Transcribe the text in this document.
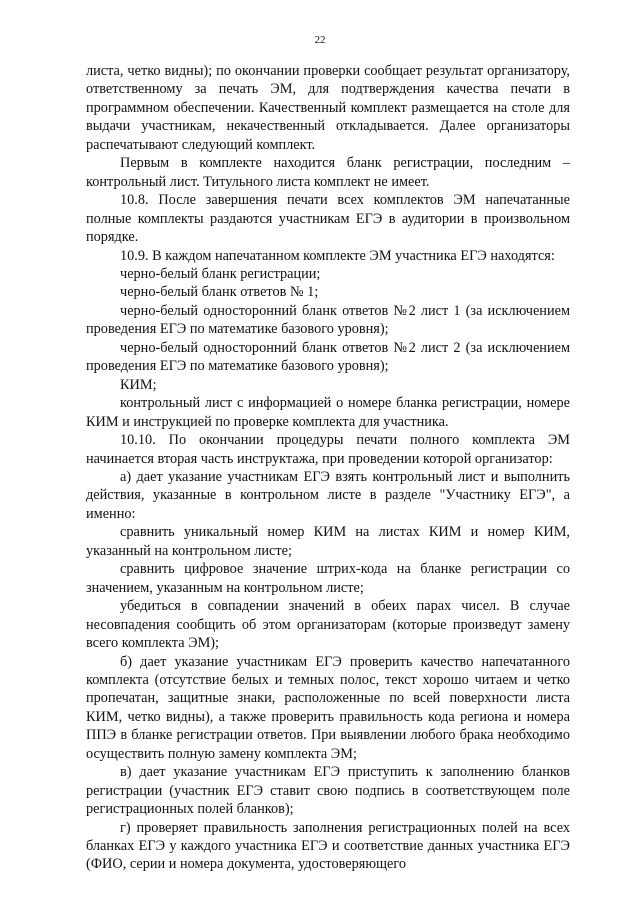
22

листа, четко видны); по окончании проверки сообщает результат организатору, ответственному за печать ЭМ, для подтверждения качества печати в программном обеспечении. Качественный комплект размещается на столе для выдачи участникам, некачественный откладывается. Далее организаторы распечатывают следующий комплект.

Первым в комплекте находится бланк регистрации, последним – контрольный лист. Титульного листа комплект не имеет.

10.8. После завершения печати всех комплектов ЭМ напечатанные полные комплекты раздаются участникам ЕГЭ в аудитории в произвольном порядке.

10.9. В каждом напечатанном комплекте ЭМ участника ЕГЭ находятся:

черно-белый бланк регистрации;

черно-белый бланк ответов № 1;

черно-белый односторонний бланк ответов №2 лист 1 (за исключением проведения ЕГЭ по математике базового уровня);

черно-белый односторонний бланк ответов №2 лист 2 (за исключением проведения ЕГЭ по математике базового уровня);

КИМ;

контрольный лист с информацией о номере бланка регистрации, номере КИМ и инструкцией по проверке комплекта для участника.

10.10. По окончании процедуры печати полного комплекта ЭМ начинается вторая часть инструктажа, при проведении которой организатор:

а) дает указание участникам ЕГЭ взять контрольный лист и выполнить действия, указанные в контрольном листе в разделе "Участнику ЕГЭ", а именно:

сравнить уникальный номер КИМ на листах КИМ и номер КИМ, указанный на контрольном листе;

сравнить цифровое значение штрих-кода на бланке регистрации со значением, указанным на контрольном листе;

убедиться в совпадении значений в обеих парах чисел. В случае несовпадения сообщить об этом организаторам (которые произведут замену всего комплекта ЭМ);

б) дает указание участникам ЕГЭ проверить качество напечатанного комплекта (отсутствие белых и темных полос, текст хорошо читаем и четко пропечатан, защитные знаки, расположенные по всей поверхности листа КИМ, четко видны), а также проверить правильность кода региона и номера ППЭ в бланке регистрации ответов. При выявлении любого брака необходимо осуществить полную замену комплекта ЭМ;

в) дает указание участникам ЕГЭ приступить к заполнению бланков регистрации (участник ЕГЭ ставит свою подпись в соответствующем поле регистрационных полей бланков);

г) проверяет правильность заполнения регистрационных полей на всех бланках ЕГЭ у каждого участника ЕГЭ и соответствие данных участника ЕГЭ (ФИО, серии и номера документа, удостоверяющего
